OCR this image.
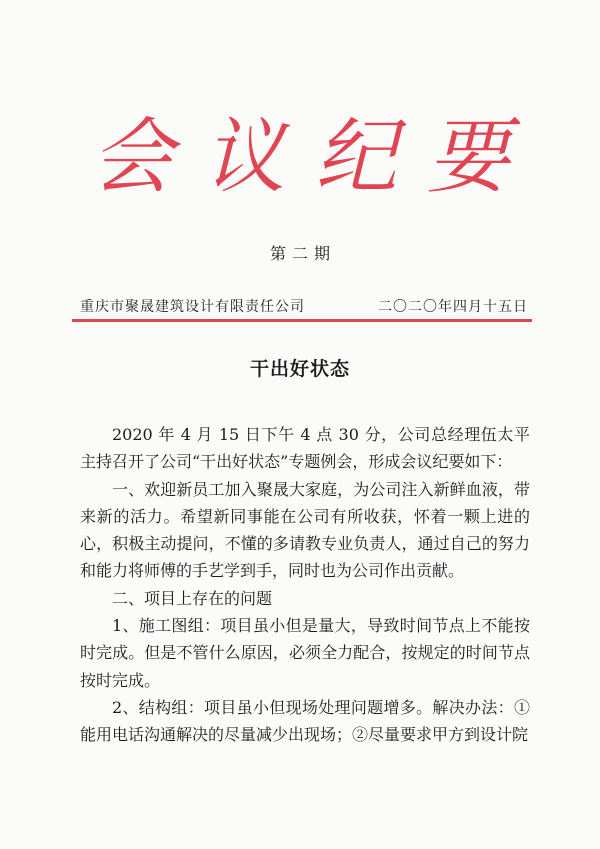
会议纪要
第二期
重庆市聚晟建筑设计有限责任公司	二〇二〇年四月十五日
干出好状态

2020 年 4 月 15 日下午 4 点 30 分，公司总经理伍太平主持召开了公司“干出好状态”专题例会，形成会议纪要如下：

一、欢迎新员工加入聚晟大家庭，为公司注入新鲜血液，带来新的活力。希望新同事能在公司有所收获，怀着一颗上进的心，积极主动提问，不懂的多请教专业负责人，通过自己的努力和能力将师傅的手艺学到手，同时也为公司作出贡献。

二、项目上存在的问题

1、施工图组：项目虽小但是量大，导致时间节点上不能按时完成。但是不管什么原因，必须全力配合，按规定的时间节点按时完成。

2、结构组：项目虽小但现场处理问题增多。解决办法：①能用电话沟通解决的尽量减少出现场；②尽量要求甲方到设计院
